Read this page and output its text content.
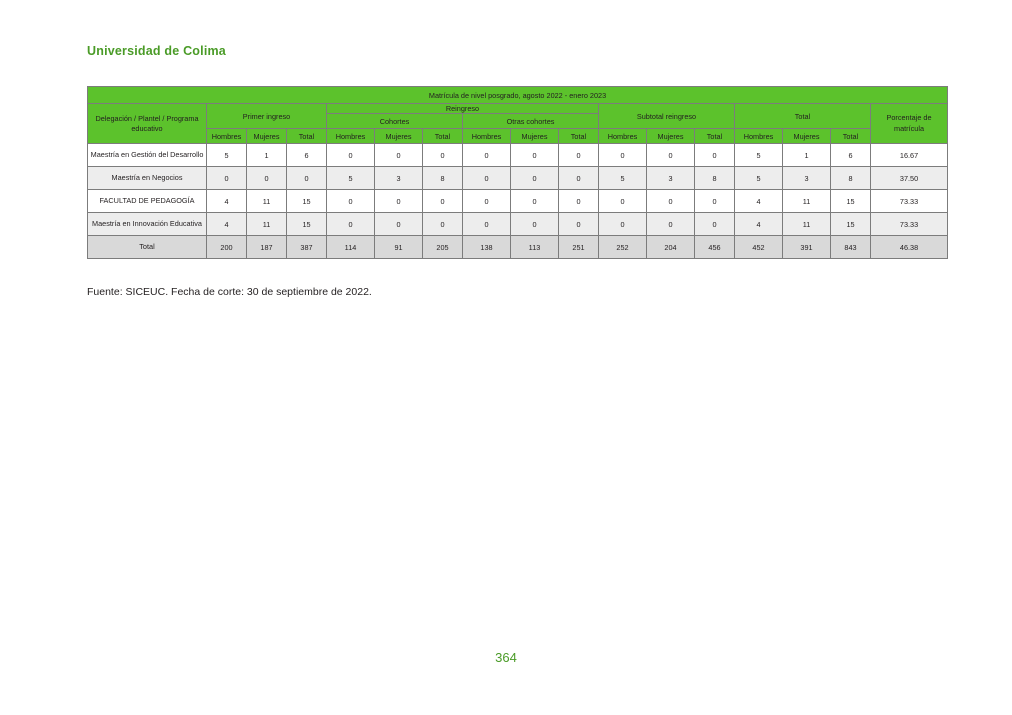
Universidad de Colima
Matrícula de nivel posgrado, agosto 2022 - enero 2023																
Delegación / Plantel / Programa educativo	Primer ingreso			Reingreso						Subtotal reingreso			Total			Porcentaje de matrícula
				Cohortes			Otras cohortes									
	Hombres	Mujeres	Total	Hombres	Mujeres	Total	Hombres	Mujeres	Total	Hombres	Mujeres	Total	Hombres	Mujeres	Total	
Maestría en Gestión del Desarrollo	5	1	6	0	0	0	0	0	0	0	0	0	5	1	6	16.67
Maestría en Negocios	0	0	0	5	3	8	0	0	0	5	3	8	5	3	8	37.50
FACULTAD DE PEDAGOGÍA	4	11	15	0	0	0	0	0	0	0	0	0	4	11	15	73.33
Maestría en Innovación Educativa	4	11	15	0	0	0	0	0	0	0	0	0	4	11	15	73.33
Total	200	187	387	114	91	205	138	113	251	252	204	456	452	391	843	46.38
Fuente: SICEUC. Fecha de corte: 30 de septiembre de 2022.
364
